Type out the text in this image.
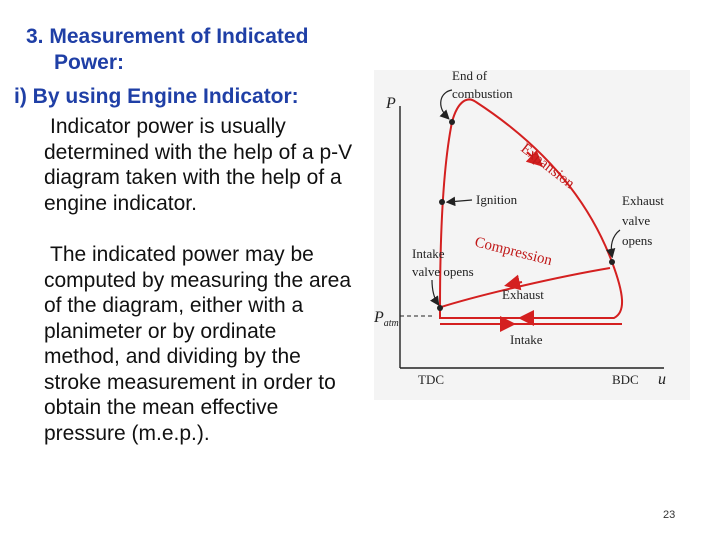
3. Measurement of Indicated
Power:
i) By using Engine Indicator:

Indicator power is usually determined with the help of a p-V diagram taken with the help of a engine indicator.

The indicated power may be computed by measuring the area of the diagram, either with a planimeter or by ordinate method, and dividing by the stroke measurement in order to obtain the mean effective pressure (m.e.p.).

P
u
$P_{atm}$
TDC	BDC
End of
combustion
Expansion
Ignition	Exhaust
valve
opens
Intake
valve opens
Compression
Exhaust
Intake
23
